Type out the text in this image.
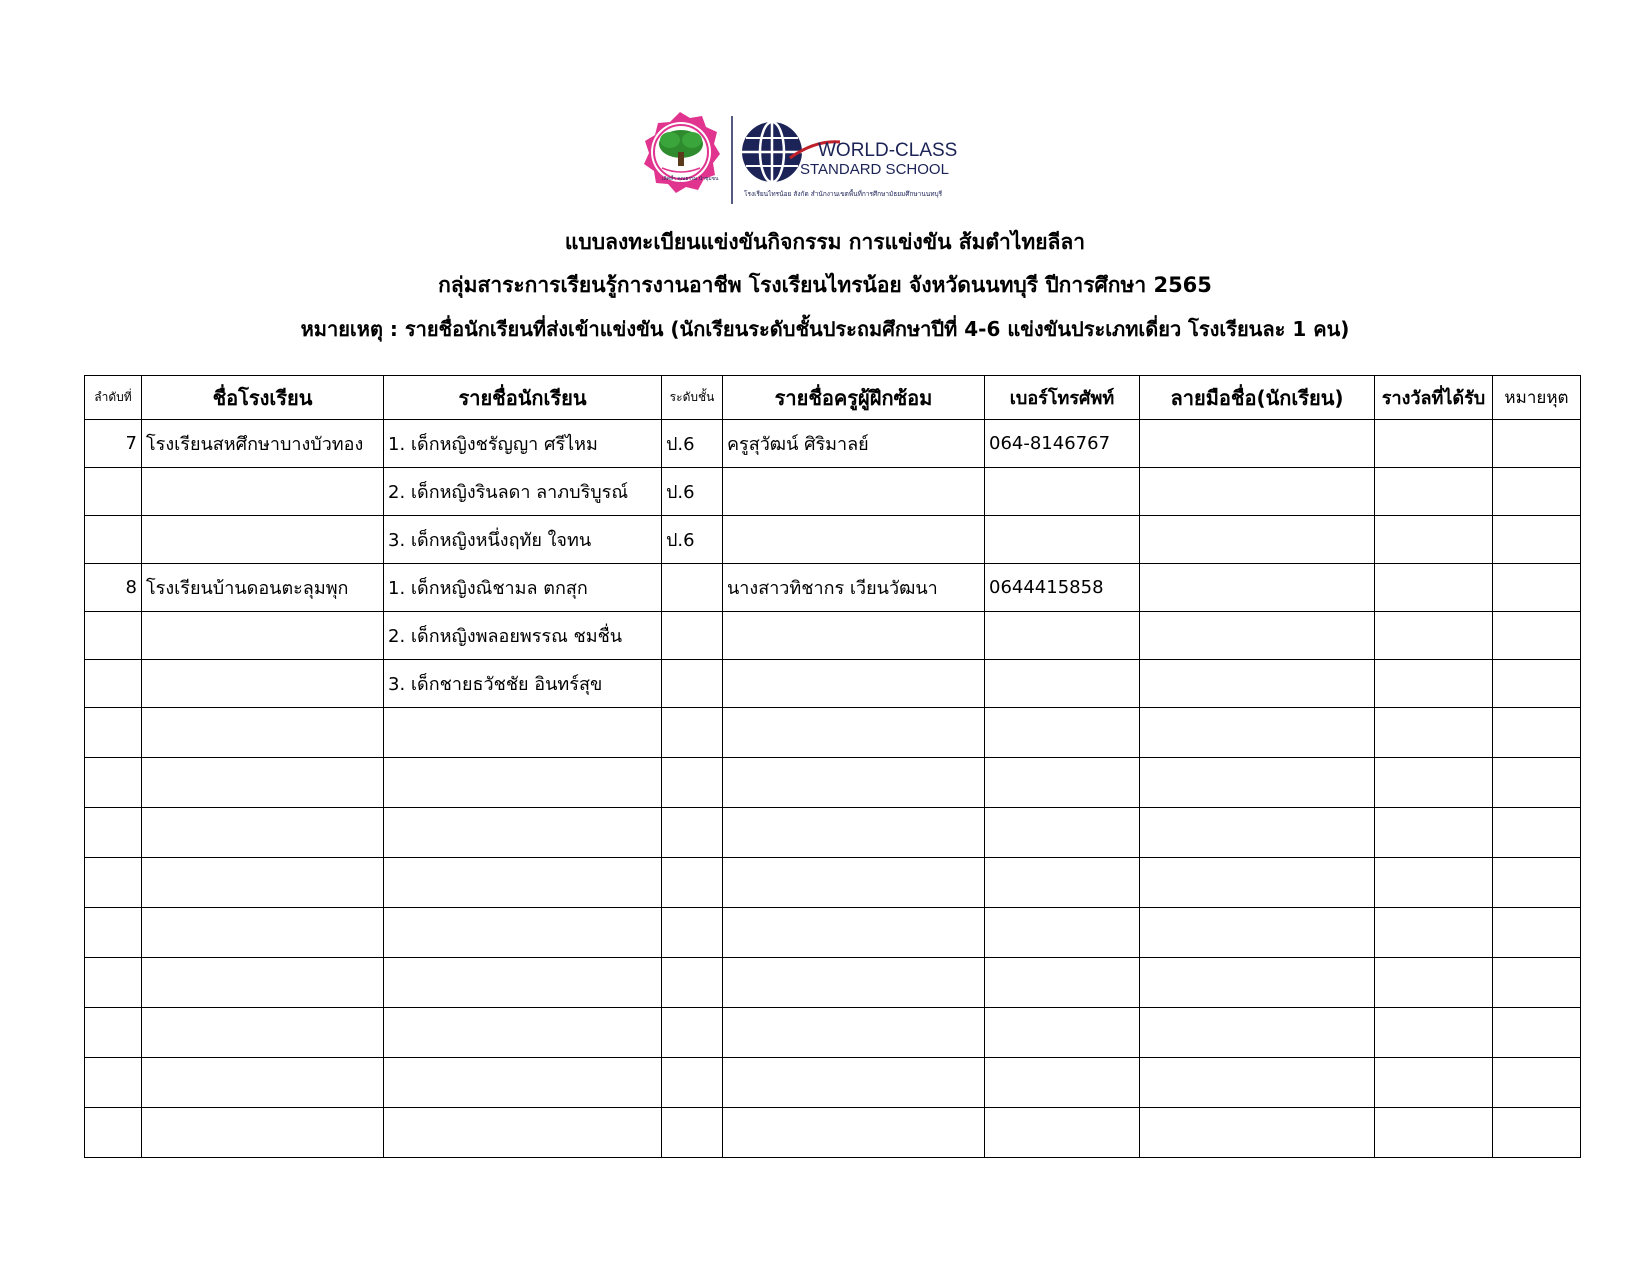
WORLD-CLASS
STANDARD SCHOOL
โรงเรียนไทรน้อย สังกัด สำนักงานเขตพื้นที่การศึกษามัธยมศึกษานนทบุรี
เลิศล้ำ คุณธรรม นำชุมชน
แบบลงทะเบียนแข่งขันกิจกรรม การแข่งขัน ส้มตำไทยลีลา
กลุ่มสาระการเรียนรู้การงานอาชีพ โรงเรียนไทรน้อย จังหวัดนนทบุรี ปีการศึกษา 2565
หมายเหตุ : รายชื่อนักเรียนที่ส่งเข้าแข่งขัน (นักเรียนระดับชั้นประถมศึกษาปีที่ 4-6 แข่งขันประเภทเดี่ยว โรงเรียนละ 1 คน)
ลำดับที่	ชื่อโรงเรียน	รายชื่อนักเรียน	ระดับชั้น	รายชื่อครูผู้ฝึกซ้อม	เบอร์โทรศัพท์	ลายมือชื่อ(นักเรียน)	รางวัลที่ได้รับ	หมายหุต
7	โรงเรียนสหศึกษาบางบัวทอง	1. เด็กหญิงชรัญญา ศรีไหม	ป.6	ครูสุวัฒน์ ศิริมาลย์	064-8146767			
		2. เด็กหญิงรินลดา ลาภบริบูรณ์	ป.6					
		3. เด็กหญิงหนึ่งฤทัย ใจทน	ป.6					
8	โรงเรียนบ้านดอนตะลุมพุก	1. เด็กหญิงณิชามล ตกสุก		นางสาวทิชากร เวียนวัฒนา	0644415858			
		2. เด็กหญิงพลอยพรรณ ชมชื่น						
		3. เด็กชายธวัชชัย อินทร์สุข						
